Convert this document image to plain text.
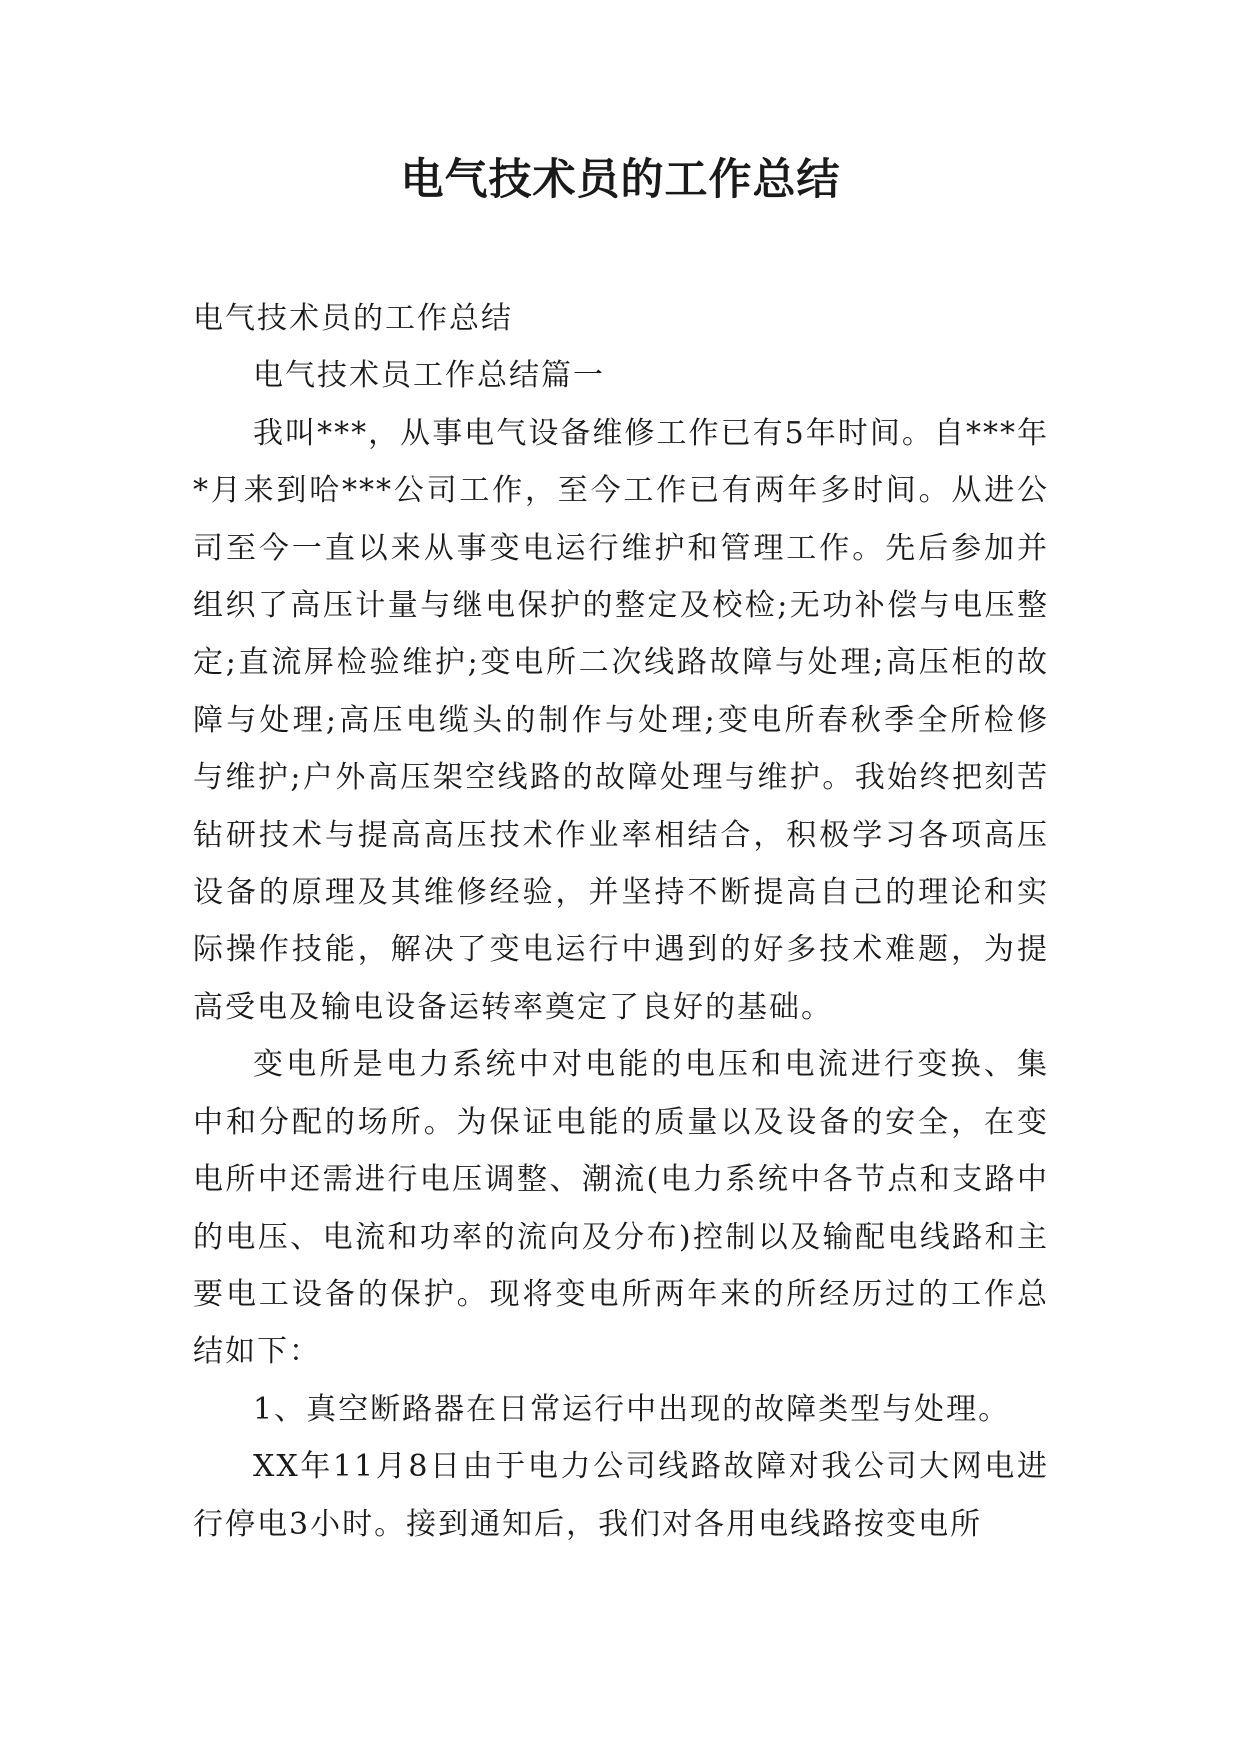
电气技术员的工作总结

电气技术员的工作总结

电气技术员工作总结篇一

我叫***，从事电气设备维修工作已有5年时间。自***年*月来到哈***公司工作，至今工作已有两年多时间。从进公司至今一直以来从事变电运行维护和管理工作。先后参加并组织了高压计量与继电保护的整定及校检;无功补偿与电压整定;直流屏检验维护;变电所二次线路故障与处理;高压柜的故障与处理;高压电缆头的制作与处理;变电所春秋季全所检修与维护;户外高压架空线路的故障处理与维护。我始终把刻苦钻研技术与提高高压技术作业率相结合，积极学习各项高压设备的原理及其维修经验，并坚持不断提高自己的理论和实际操作技能，解决了变电运行中遇到的好多技术难题，为提高受电及输电设备运转率奠定了良好的基础。

变电所是电力系统中对电能的电压和电流进行变换、集中和分配的场所。为保证电能的质量以及设备的安全，在变电所中还需进行电压调整、潮流(电力系统中各节点和支路中的电压、电流和功率的流向及分布)控制以及输配电线路和主要电工设备的保护。现将变电所两年来的所经历过的工作总结如下：

1、真空断路器在日常运行中出现的故障类型与处理。

XX年11月8日由于电力公司线路故障对我公司大网电进行停电3小时。接到通知后，我们对各用电线路按变电所
